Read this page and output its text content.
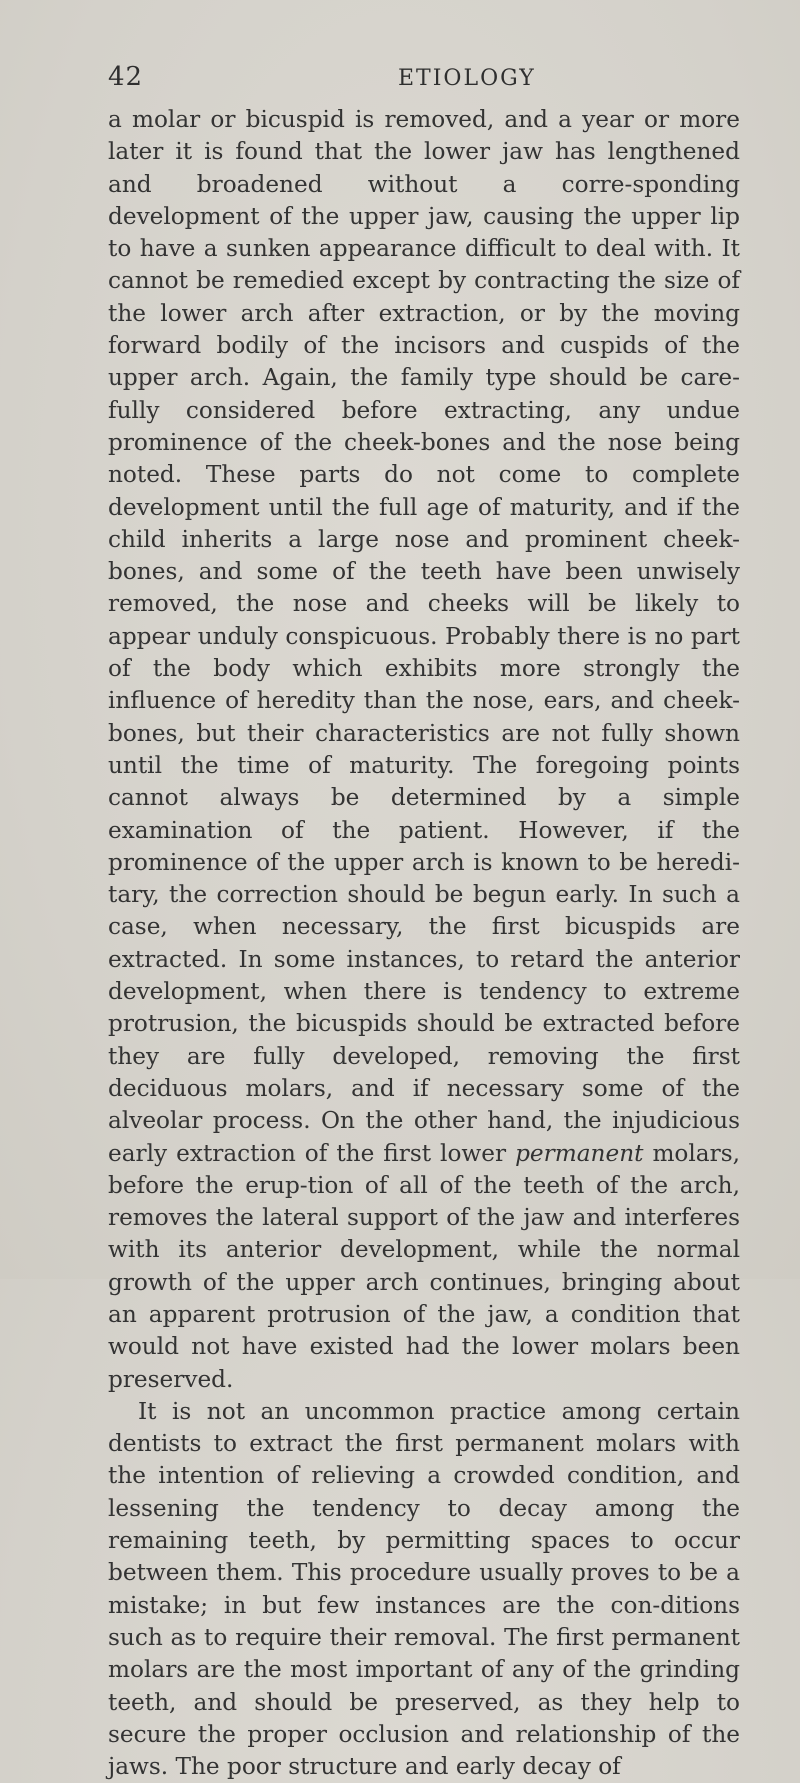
42	ETIOLOGY

a molar or bicuspid is removed, and a year or more later it is found that the lower jaw has lengthened and broadened without a corre-sponding development of the upper jaw, causing the upper lip to have a sunken appearance difficult to deal with. It cannot be remedied except by contracting the size of the lower arch after extraction, or by the moving forward bodily of the incisors and cuspids of the upper arch. Again, the family type should be care-fully considered before extracting, any undue prominence of the cheek-bones and the nose being noted. These parts do not come to complete development until the full age of maturity, and if the child inherits a large nose and prominent cheek-bones, and some of the teeth have been unwisely removed, the nose and cheeks will be likely to appear unduly conspicuous. Probably there is no part of the body which exhibits more strongly the influence of heredity than the nose, ears, and cheek-bones, but their characteristics are not fully shown until the time of maturity. The foregoing points cannot always be determined by a simple examination of the patient. However, if the prominence of the upper arch is known to be heredi-tary, the correction should be begun early. In such a case, when necessary, the first bicuspids are extracted. In some instances, to retard the anterior development, when there is tendency to extreme protrusion, the bicuspids should be extracted before they are fully developed, removing the first deciduous molars, and if necessary some of the alveolar process. On the other hand, the injudicious early extraction of the first lower permanent molars, before the erup-tion of all of the teeth of the arch, removes the lateral support of the jaw and interferes with its anterior development, while the normal growth of the upper arch continues, bringing about an apparent protrusion of the jaw, a condition that would not have existed had the lower molars been preserved.

It is not an uncommon practice among certain dentists to extract the first permanent molars with the intention of relieving a crowded condition, and lessening the tendency to decay among the remaining teeth, by permitting spaces to occur between them. This procedure usually proves to be a mistake; in but few instances are the con-ditions such as to require their removal. The first permanent molars are the most important of any of the grinding teeth, and should be preserved, as they help to secure the proper occlusion and relationship of the jaws. The poor structure and early decay of
